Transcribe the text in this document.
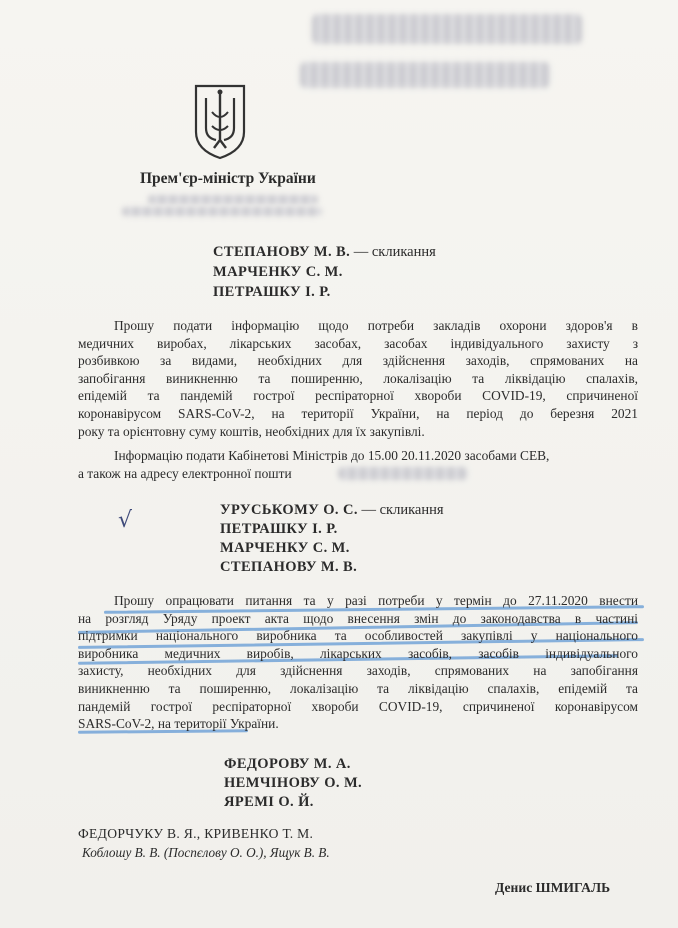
Прем'єр-міністр України
СТЕПАНОВУ М. В. — скликання
МАРЧЕНКУ С. М.
ПЕТРАШКУ І. Р.
Прошу подати інформацію щодо потреби закладів охорони здоров'я в
медичних виробах, лікарських засобах, засобах індивідуального захисту з
розбивкою за видами, необхідних для здійснення заходів, спрямованих на
запобігання виникненню та поширенню, локалізацію та ліквідацію спалахів,
епідемій та пандемій гострої респіраторної хвороби COVID-19, спричиненої
коронавірусом SARS-CoV-2, на території України, на період до березня 2021
року та орієнтовну суму коштів, необхідних для їх закупівлі.
Інформацію подати Кабінетові Міністрів до 15.00 20.11.2020 засобами СЕВ,
а також на адресу електронної пошти
√	УРУСЬКОМУ О. С. — скликання
ПЕТРАШКУ І. Р.
МАРЧЕНКУ С. М.
СТЕПАНОВУ М. В.
Прошу опрацювати питання та у разі потреби у термін до 27.11.2020 внести
на розгляд Уряду проект акта щодо внесення змін до законодавства в частині
підтримки національного виробника та особливостей закупівлі у національного
виробника медичних виробів, лікарських засобів, засобів індивідуального
захисту, необхідних для здійснення заходів, спрямованих на запобігання
виникненню та поширенню, локалізацію та ліквідацію спалахів, епідемій та
пандемій гострої респіраторної хвороби COVID-19, спричиненої коронавірусом
SARS-CoV-2, на території України.
ФЕДОРОВУ М. А.
НЕМЧІНОВУ О. М.
ЯРЕМІ О. Й.
ФЕДОРЧУКУ В. Я., КРИВЕНКО Т. М.
Коблошу В. В. (Поспєлову О. О.), Ящук В. В.
Денис ШМИГАЛЬ
